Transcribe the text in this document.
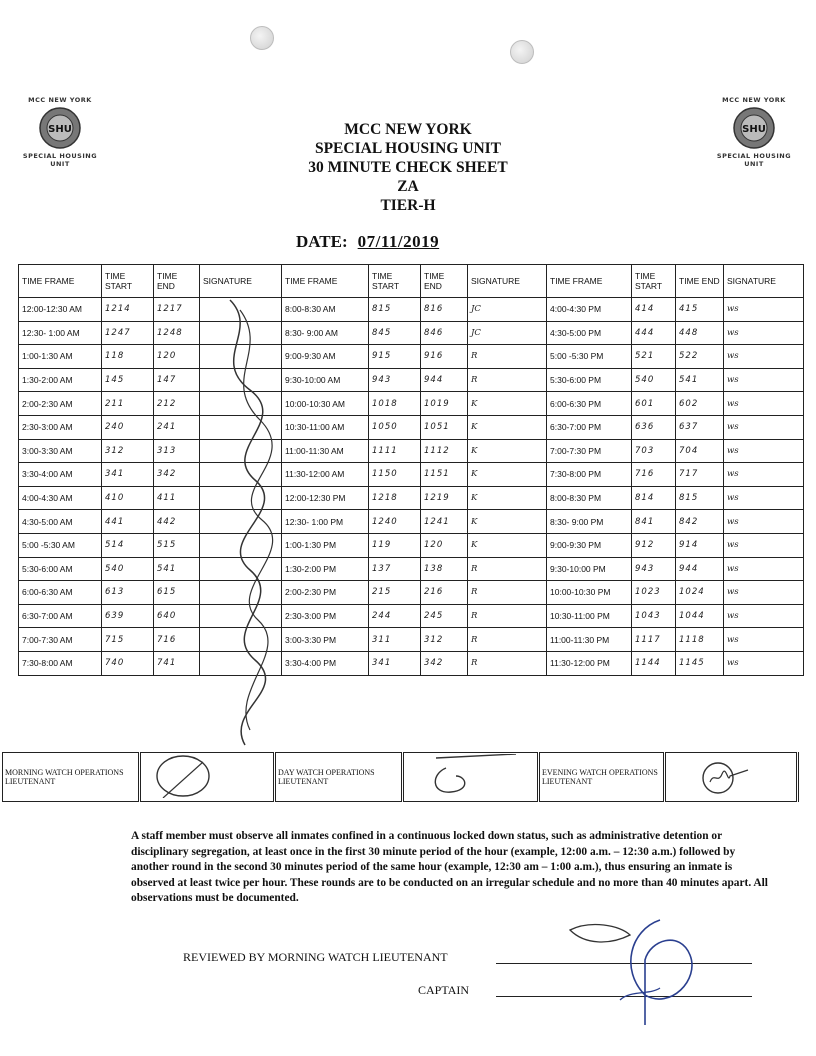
MCC NEW YORK
SHU
SPECIAL HOUSING UNIT
MCC NEW YORK
SHU
SPECIAL HOUSING UNIT
MCC NEW YORK
SPECIAL HOUSING UNIT
30 MINUTE CHECK SHEET
ZA
TIER-H
DATE: 07/11/2019
TIME FRAME	TIME START	TIME END	SIGNATURE	TIME FRAME	TIME START	TIME END	SIGNATURE	TIME FRAME	TIME START	TIME END	SIGNATURE
12:00-12:30 AM	1214	1217		8:00-8:30 AM	815	816	JC	4:00-4:30 PM	414	415	ws
12:30- 1:00 AM	1247	1248		8:30- 9:00 AM	845	846	JC	4:30-5:00 PM	444	448	ws
1:00-1:30 AM	118	120		9:00-9:30 AM	915	916	R	5:00 -5:30 PM	521	522	ws
1:30-2:00 AM	145	147		9:30-10:00 AM	943	944	R	5:30-6:00 PM	540	541	ws
2:00-2:30 AM	211	212		10:00-10:30 AM	1018	1019	K	6:00-6:30 PM	601	602	ws
2:30-3:00 AM	240	241		10:30-11:00 AM	1050	1051	K	6:30-7:00 PM	636	637	ws
3:00-3:30 AM	312	313		11:00-11:30 AM	1111	1112	K	7:00-7:30 PM	703	704	ws
3:30-4:00 AM	341	342		11:30-12:00 AM	1150	1151	K	7:30-8:00 PM	716	717	ws
4:00-4:30 AM	410	411		12:00-12:30 PM	1218	1219	K	8:00-8:30 PM	814	815	ws
4:30-5:00 AM	441	442		12:30- 1:00 PM	1240	1241	K	8:30- 9:00 PM	841	842	ws
5:00 -5:30 AM	514	515		1:00-1:30 PM	119	120	K	9:00-9:30 PM	912	914	ws
5:30-6:00 AM	540	541		1:30-2:00 PM	137	138	R	9:30-10:00 PM	943	944	ws
6:00-6:30 AM	613	615		2:00-2:30 PM	215	216	R	10:00-10:30 PM	1023	1024	ws
6:30-7:00 AM	639	640		2:30-3:00 PM	244	245	R	10:30-11:00 PM	1043	1044	ws
7:00-7:30 AM	715	716		3:00-3:30 PM	311	312	R	11:00-11:30 PM	1117	1118	ws
7:30-8:00 AM	740	741		3:30-4:00 PM	341	342	R	11:30-12:00 PM	1144	1145	ws
MORNING WATCH OPERATIONS LIEUTENANT		DAY WATCH OPERATIONS LIEUTENANT		EVENING WATCH OPERATIONS LIEUTENANT	
A staff member must observe all inmates confined in a continuous locked down status, such as administrative detention or disciplinary segregation, at least once in the first 30 minute period of the hour (example, 12:00 a.m. – 12:30 a.m.) followed by another round in the second 30 minutes period of the same hour (example, 12:30 am – 1:00 a.m.), thus ensuring an inmate is observed at least twice per hour. These rounds are to be conducted on an irregular schedule and no more than 40 minutes apart. All observations must be documented.
REVIEWED BY MORNING WATCH LIEUTENANT
CAPTAIN
